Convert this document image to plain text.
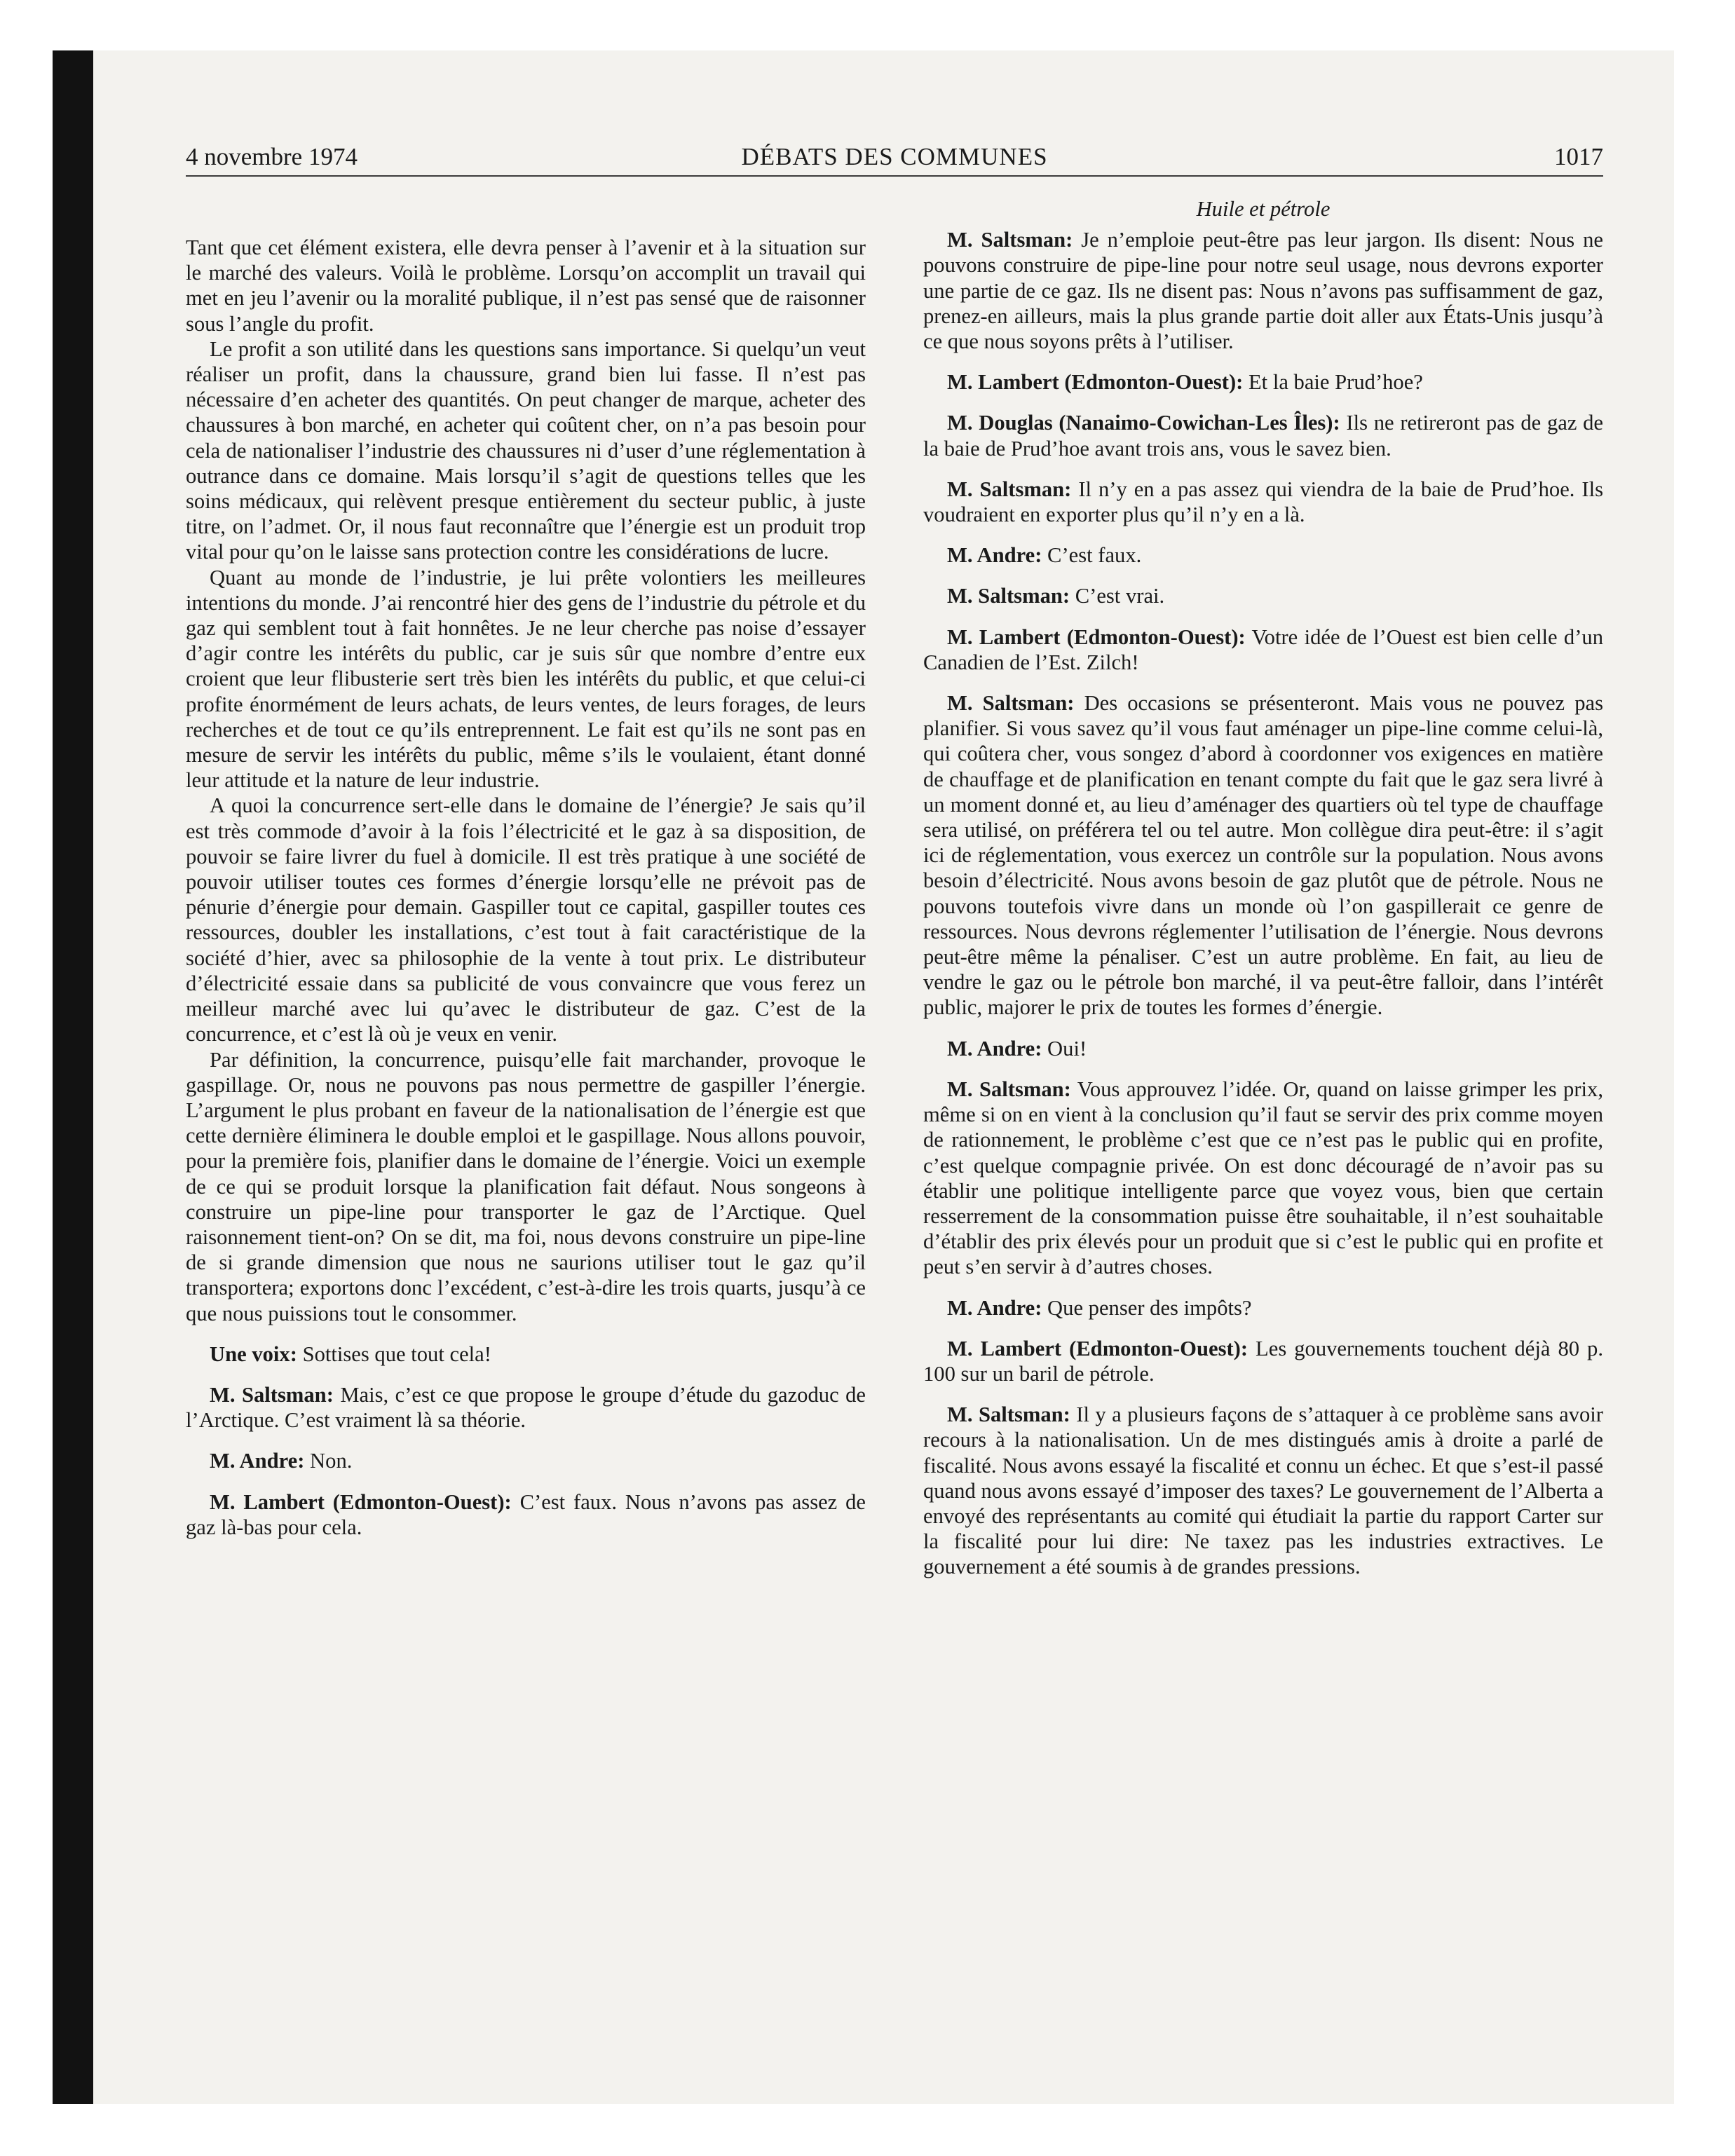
4 novembre 1974	DÉBATS DES COMMUNES	1017

Tant que cet élément existera, elle devra penser à l’avenir et à la situation sur le marché des valeurs. Voilà le problème. Lorsqu’on accomplit un travail qui met en jeu l’avenir ou la moralité publique, il n’est pas sensé que de raisonner sous l’angle du profit.

Le profit a son utilité dans les questions sans importance. Si quelqu’un veut réaliser un profit, dans la chaussure, grand bien lui fasse. Il n’est pas nécessaire d’en acheter des quantités. On peut changer de marque, acheter des chaussures à bon marché, en acheter qui coûtent cher, on n’a pas besoin pour cela de nationaliser l’industrie des chaussures ni d’user d’une réglementation à outrance dans ce domaine. Mais lorsqu’il s’agit de questions telles que les soins médicaux, qui relèvent presque entièrement du secteur public, à juste titre, on l’admet. Or, il nous faut reconnaître que l’énergie est un produit trop vital pour qu’on le laisse sans protection contre les considérations de lucre.

Quant au monde de l’industrie, je lui prête volontiers les meilleures intentions du monde. J’ai rencontré hier des gens de l’industrie du pétrole et du gaz qui semblent tout à fait honnêtes. Je ne leur cherche pas noise d’essayer d’agir contre les intérêts du public, car je suis sûr que nombre d’entre eux croient que leur flibusterie sert très bien les intérêts du public, et que celui-ci profite énormément de leurs achats, de leurs ventes, de leurs forages, de leurs recherches et de tout ce qu’ils entreprennent. Le fait est qu’ils ne sont pas en mesure de servir les intérêts du public, même s’ils le voulaient, étant donné leur attitude et la nature de leur industrie.

A quoi la concurrence sert-elle dans le domaine de l’énergie? Je sais qu’il est très commode d’avoir à la fois l’électricité et le gaz à sa disposition, de pouvoir se faire livrer du fuel à domicile. Il est très pratique à une société de pouvoir utiliser toutes ces formes d’énergie lorsqu’elle ne prévoit pas de pénurie d’énergie pour demain. Gaspiller tout ce capital, gaspiller toutes ces ressources, doubler les installations, c’est tout à fait caractéristique de la société d’hier, avec sa philosophie de la vente à tout prix. Le distributeur d’électricité essaie dans sa publicité de vous convaincre que vous ferez un meilleur marché avec lui qu’avec le distributeur de gaz. C’est de la concurrence, et c’est là où je veux en venir.

Par définition, la concurrence, puisqu’elle fait marchander, provoque le gaspillage. Or, nous ne pouvons pas nous permettre de gaspiller l’énergie. L’argument le plus probant en faveur de la nationalisation de l’énergie est que cette dernière éliminera le double emploi et le gaspillage. Nous allons pouvoir, pour la première fois, planifier dans le domaine de l’énergie. Voici un exemple de ce qui se produit lorsque la planification fait défaut. Nous songeons à construire un pipe-line pour transporter le gaz de l’Arctique. Quel raisonnement tient-on? On se dit, ma foi, nous devons construire un pipe-line de si grande dimension que nous ne saurions utiliser tout le gaz qu’il transportera; exportons donc l’excédent, c’est-à-dire les trois quarts, jusqu’à ce que nous puissions tout le consommer.

Une voix: Sottises que tout cela!

M. Saltsman: Mais, c’est ce que propose le groupe d’étude du gazoduc de l’Arctique. C’est vraiment là sa théorie.

M. Andre: Non.

M. Lambert (Edmonton-Ouest): C’est faux. Nous n’avons pas assez de gaz là-bas pour cela.

Huile et pétrole

M. Saltsman: Je n’emploie peut-être pas leur jargon. Ils disent: Nous ne pouvons construire de pipe-line pour notre seul usage, nous devrons exporter une partie de ce gaz. Ils ne disent pas: Nous n’avons pas suffisamment de gaz, prenez-en ailleurs, mais la plus grande partie doit aller aux États-Unis jusqu’à ce que nous soyons prêts à l’utiliser.

M. Lambert (Edmonton-Ouest): Et la baie Prud’hoe?

M. Douglas (Nanaimo-Cowichan-Les Îles): Ils ne retireront pas de gaz de la baie de Prud’hoe avant trois ans, vous le savez bien.

M. Saltsman: Il n’y en a pas assez qui viendra de la baie de Prud’hoe. Ils voudraient en exporter plus qu’il n’y en a là.

M. Andre: C’est faux.

M. Saltsman: C’est vrai.

M. Lambert (Edmonton-Ouest): Votre idée de l’Ouest est bien celle d’un Canadien de l’Est. Zilch!

M. Saltsman: Des occasions se présenteront. Mais vous ne pouvez pas planifier. Si vous savez qu’il vous faut aménager un pipe-line comme celui-là, qui coûtera cher, vous songez d’abord à coordonner vos exigences en matière de chauffage et de planification en tenant compte du fait que le gaz sera livré à un moment donné et, au lieu d’aménager des quartiers où tel type de chauffage sera utilisé, on préférera tel ou tel autre. Mon collègue dira peut-être: il s’agit ici de réglementation, vous exercez un contrôle sur la population. Nous avons besoin d’électricité. Nous avons besoin de gaz plutôt que de pétrole. Nous ne pouvons toutefois vivre dans un monde où l’on gaspillerait ce genre de ressources. Nous devrons réglementer l’utilisation de l’énergie. Nous devrons peut-être même la pénaliser. C’est un autre problème. En fait, au lieu de vendre le gaz ou le pétrole bon marché, il va peut-être falloir, dans l’intérêt public, majorer le prix de toutes les formes d’énergie.

M. Andre: Oui!

M. Saltsman: Vous approuvez l’idée. Or, quand on laisse grimper les prix, même si on en vient à la conclusion qu’il faut se servir des prix comme moyen de rationnement, le problème c’est que ce n’est pas le public qui en profite, c’est quelque compagnie privée. On est donc découragé de n’avoir pas su établir une politique intelligente parce que voyez vous, bien que certain resserrement de la consommation puisse être souhaitable, il n’est souhaitable d’établir des prix élevés pour un produit que si c’est le public qui en profite et peut s’en servir à d’autres choses.

M. Andre: Que penser des impôts?

M. Lambert (Edmonton-Ouest): Les gouvernements touchent déjà 80 p. 100 sur un baril de pétrole.

M. Saltsman: Il y a plusieurs façons de s’attaquer à ce problème sans avoir recours à la nationalisation. Un de mes distingués amis à droite a parlé de fiscalité. Nous avons essayé la fiscalité et connu un échec. Et que s’est-il passé quand nous avons essayé d’imposer des taxes? Le gouvernement de l’Alberta a envoyé des représentants au comité qui étudiait la partie du rapport Carter sur la fiscalité pour lui dire: Ne taxez pas les industries extractives. Le gouvernement a été soumis à de grandes pressions.
